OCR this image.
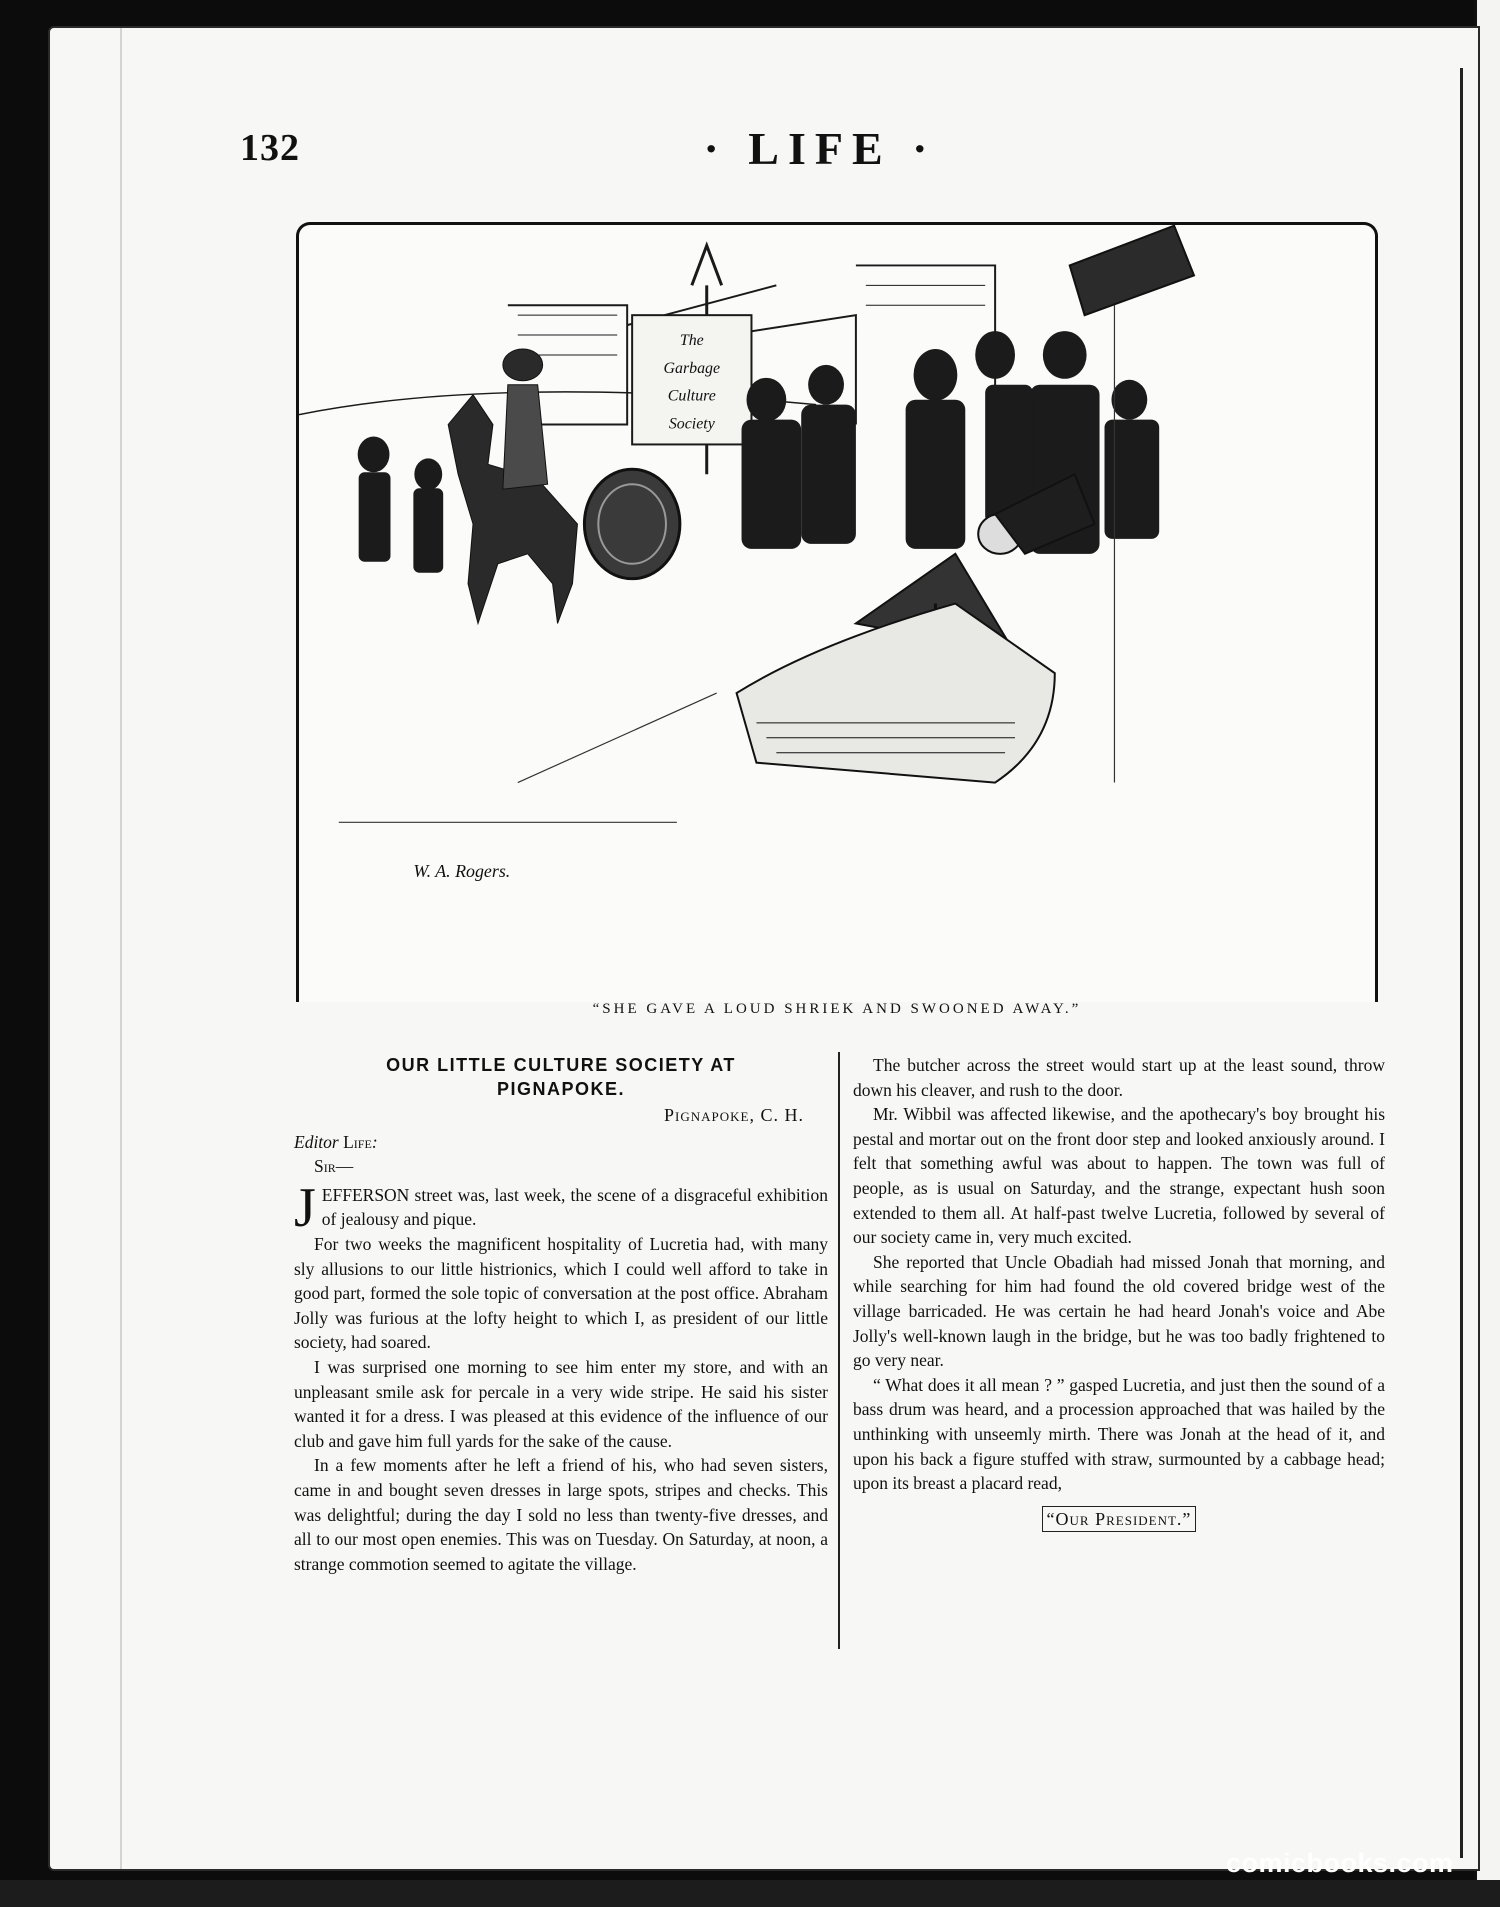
132	· LIFE ·
The
Garbage
Culture
Society
W. A. Rogers.
“SHE GAVE A LOUD SHRIEK AND SWOONED AWAY.”
OUR LITTLE CULTURE SOCIETY AT PIGNAPOKE.
Pignapoke, C. H.
Editor Life:
Sir—

JEFFERSON street was, last week, the scene of a disgraceful exhibition of jealousy and pique.

For two weeks the magnificent hospitality of Lucretia had, with many sly allusions to our little histrionics, which I could well afford to take in good part, formed the sole topic of conversation at the post office. Abraham Jolly was furious at the lofty height to which I, as president of our little society, had soared.

I was surprised one morning to see him enter my store, and with an unpleasant smile ask for percale in a very wide stripe. He said his sister wanted it for a dress. I was pleased at this evidence of the influence of our club and gave him full yards for the sake of the cause.

In a few moments after he left a friend of his, who had seven sisters, came in and bought seven dresses in large spots, stripes and checks. This was delightful; during the day I sold no less than twenty-five dresses, and all to our most open enemies. This was on Tuesday. On Saturday, at noon, a strange commotion seemed to agitate the village.

The butcher across the street would start up at the least sound, throw down his cleaver, and rush to the door.

Mr. Wibbil was affected likewise, and the apothecary's boy brought his pestal and mortar out on the front door step and looked anxiously around. I felt that something awful was about to happen. The town was full of people, as is usual on Saturday, and the strange, expectant hush soon extended to them all. At half-past twelve Lucretia, followed by several of our society came in, very much excited.

She reported that Uncle Obadiah had missed Jonah that morning, and while searching for him had found the old covered bridge west of the village barricaded. He was certain he had heard Jonah's voice and Abe Jolly's well-known laugh in the bridge, but he was too badly frightened to go very near.

“ What does it all mean ? ” gasped Lucretia, and just then the sound of a bass drum was heard, and a procession approached that was hailed by the unthinking with unseemly mirth. There was Jonah at the head of it, and upon his back a figure stuffed with straw, surmounted by a cabbage head; upon its breast a placard read,

“Our President.”

comicbooks.com
